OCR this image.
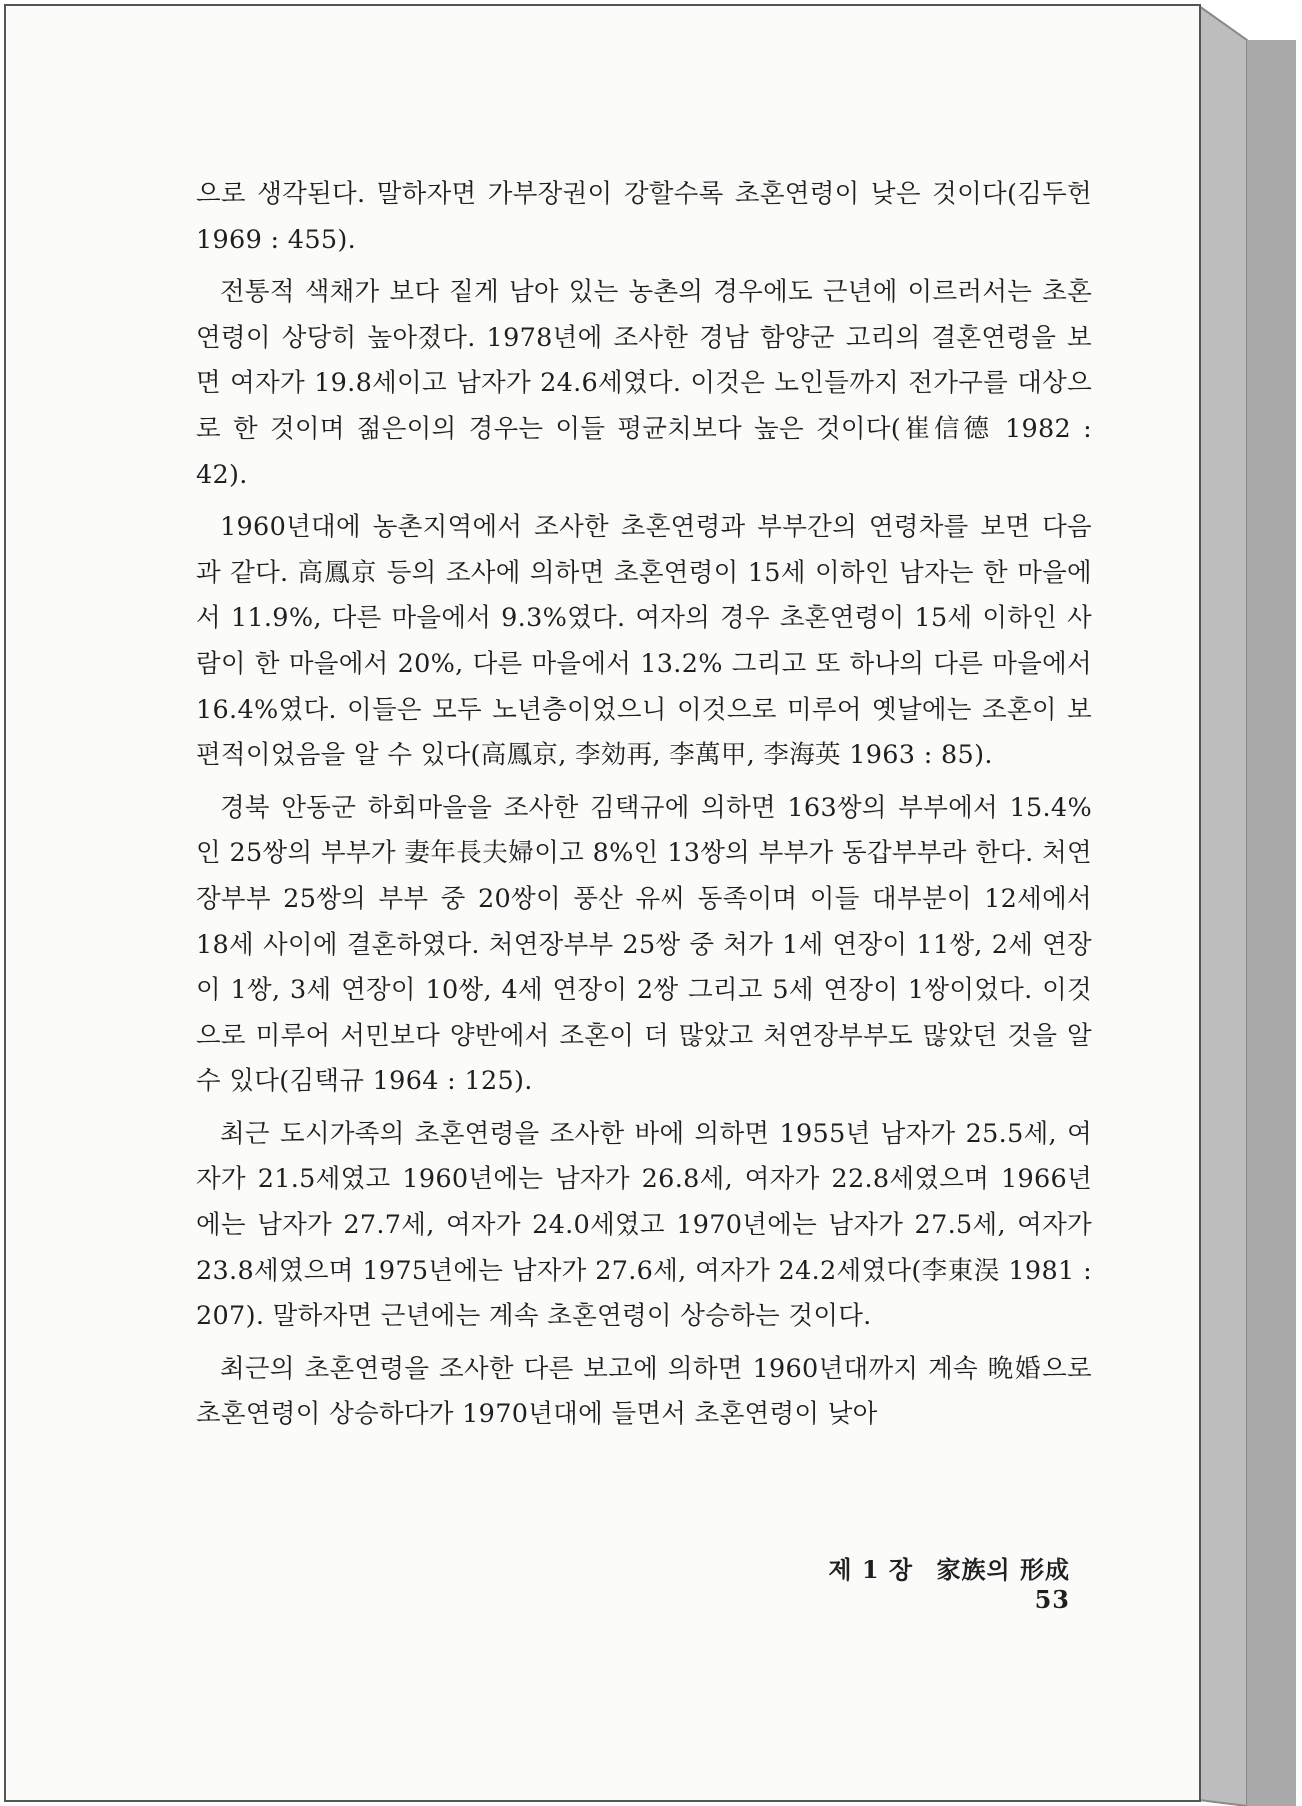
으로 생각된다. 말하자면 가부장권이 강할수록 초혼연령이 낮은 것이다(김두헌 1969 : 455).

전통적 색채가 보다 짙게 남아 있는 농촌의 경우에도 근년에 이르러서는 초혼연령이 상당히 높아졌다. 1978년에 조사한 경남 함양군 고리의 결혼연령을 보면 여자가 19.8세이고 남자가 24.6세였다. 이것은 노인들까지 전가구를 대상으로 한 것이며 젊은이의 경우는 이들 평균치보다 높은 것이다(崔信德 1982 : 42).

1960년대에 농촌지역에서 조사한 초혼연령과 부부간의 연령차를 보면 다음과 같다. 高鳳京 등의 조사에 의하면 초혼연령이 15세 이하인 남자는 한 마을에서 11.9%, 다른 마을에서 9.3%였다. 여자의 경우 초혼연령이 15세 이하인 사람이 한 마을에서 20%, 다른 마을에서 13.2% 그리고 또 하나의 다른 마을에서 16.4%였다. 이들은 모두 노년층이었으니 이것으로 미루어 옛날에는 조혼이 보편적이었음을 알 수 있다(高鳳京, 李効再, 李萬甲, 李海英 1963 : 85).

경북 안동군 하회마을을 조사한 김택규에 의하면 163쌍의 부부에서 15.4%인 25쌍의 부부가 妻年長夫婦이고 8%인 13쌍의 부부가 동갑부부라 한다. 처연장부부 25쌍의 부부 중 20쌍이 풍산 유씨 동족이며 이들 대부분이 12세에서 18세 사이에 결혼하였다. 처연장부부 25쌍 중 처가 1세 연장이 11쌍, 2세 연장이 1쌍, 3세 연장이 10쌍, 4세 연장이 2쌍 그리고 5세 연장이 1쌍이었다. 이것으로 미루어 서민보다 양반에서 조혼이 더 많았고 처연장부부도 많았던 것을 알 수 있다(김택규 1964 : 125).

최근 도시가족의 초혼연령을 조사한 바에 의하면 1955년 남자가 25.5세, 여자가 21.5세였고 1960년에는 남자가 26.8세, 여자가 22.8세였으며 1966년에는 남자가 27.7세, 여자가 24.0세였고 1970년에는 남자가 27.5세, 여자가 23.8세였으며 1975년에는 남자가 27.6세, 여자가 24.2세였다(李東洖 1981 : 207). 말하자면 근년에는 계속 초혼연령이 상승하는 것이다.

최근의 초혼연령을 조사한 다른 보고에 의하면 1960년대까지 계속 晩婚으로 초혼연령이 상승하다가 1970년대에 들면서 초혼연령이 낮아

제 1 장 家族의 形成 53
